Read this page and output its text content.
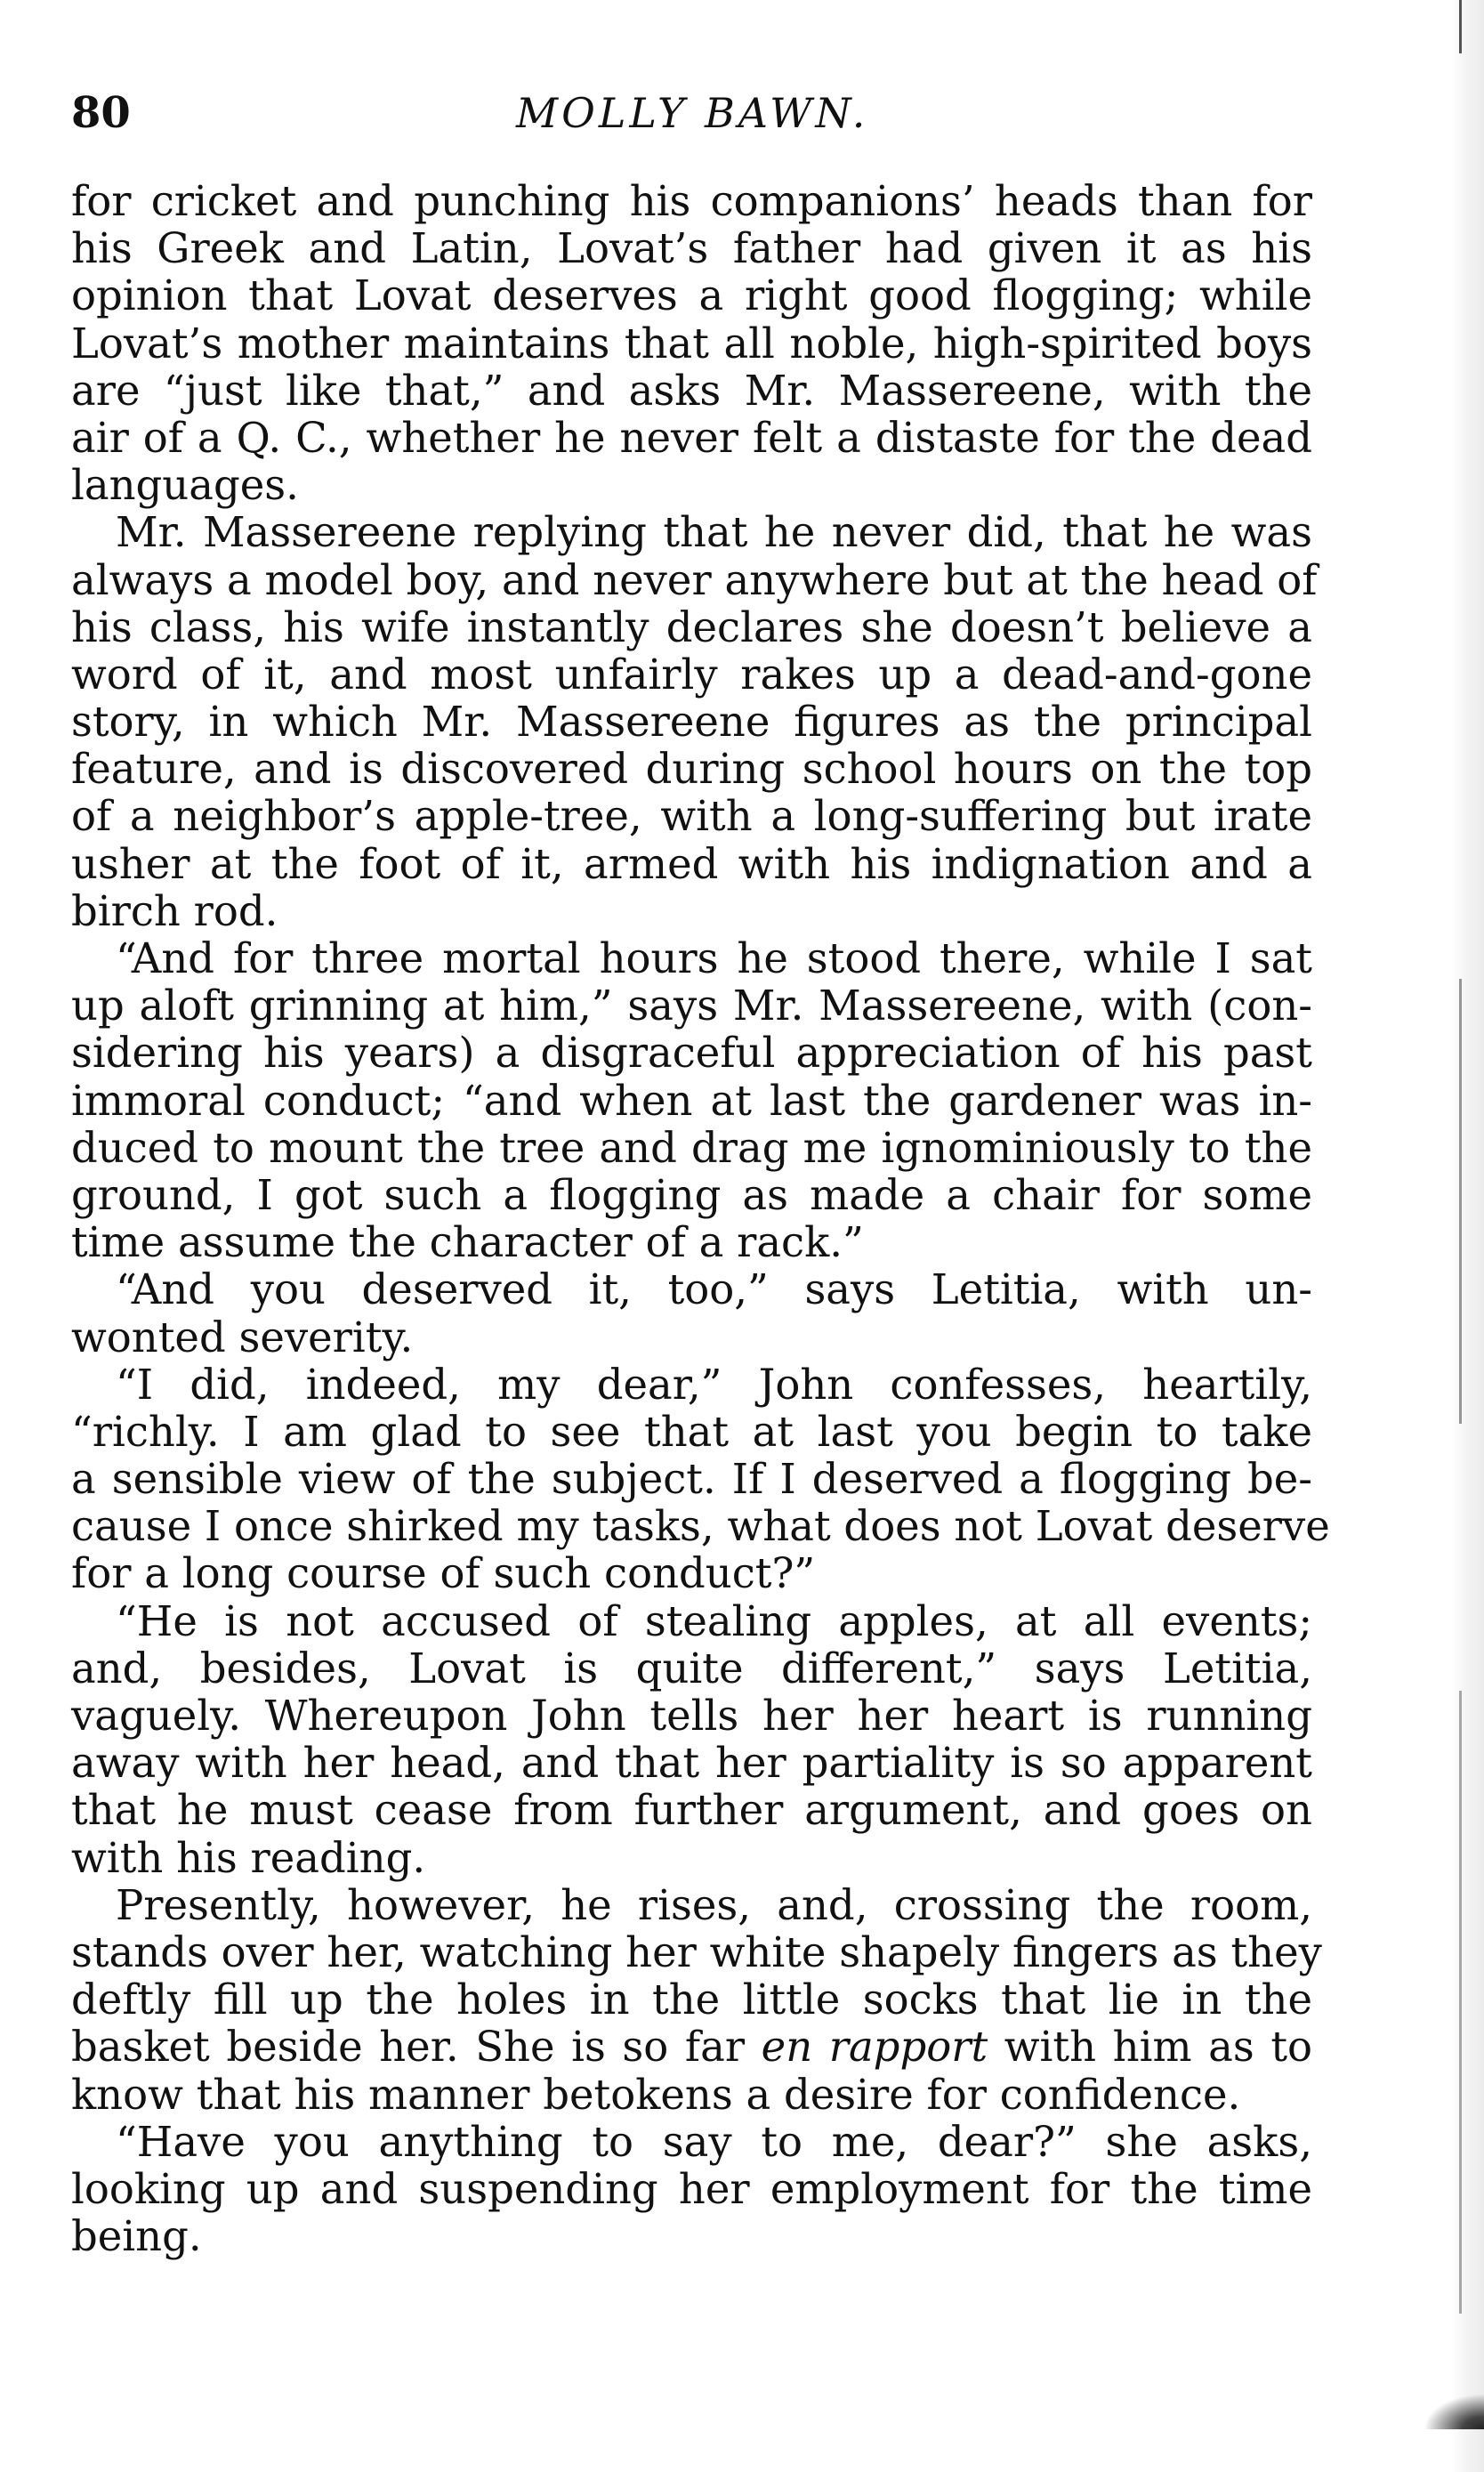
80	MOLLY BAWN.
for cricket and punching his companions’ heads than for
his Greek and Latin, Lovat’s father had given it as his
opinion that Lovat deserves a right good flogging; while
Lovat’s mother maintains that all noble, high-spirited boys
are “just like that,” and asks Mr. Massereene, with the
air of a Q. C., whether he never felt a distaste for the dead
languages.
Mr. Massereene replying that he never did, that he was
always a model boy, and never anywhere but at the head of
his class, his wife instantly declares she doesn’t believe a
word of it, and most unfairly rakes up a dead-and-gone
story, in which Mr. Massereene figures as the principal
feature, and is discovered during school hours on the top
of a neighbor’s apple-tree, with a long-suffering but irate
usher at the foot of it, armed with his indignation and a
birch rod.
“And for three mortal hours he stood there, while I sat
up aloft grinning at him,” says Mr. Massereene, with (con-
sidering his years) a disgraceful appreciation of his past
immoral conduct; “and when at last the gardener was in-
duced to mount the tree and drag me ignominiously to the
ground, I got such a flogging as made a chair for some
time assume the character of a rack.”
“And you deserved it, too,” says Letitia, with un-
wonted severity.
“I did, indeed, my dear,” John confesses, heartily,
“richly. I am glad to see that at last you begin to take
a sensible view of the subject. If I deserved a flogging be-
cause I once shirked my tasks, what does not Lovat deserve
for a long course of such conduct?”
“He is not accused of stealing apples, at all events;
and, besides, Lovat is quite different,” says Letitia,
vaguely. Whereupon John tells her her heart is running
away with her head, and that her partiality is so apparent
that he must cease from further argument, and goes on
with his reading.
Presently, however, he rises, and, crossing the room,
stands over her, watching her white shapely fingers as they
deftly fill up the holes in the little socks that lie in the
basket beside her. She is so far en rapport with him as to
know that his manner betokens a desire for confidence.
“Have you anything to say to me, dear?” she asks,
looking up and suspending her employment for the time
being.
